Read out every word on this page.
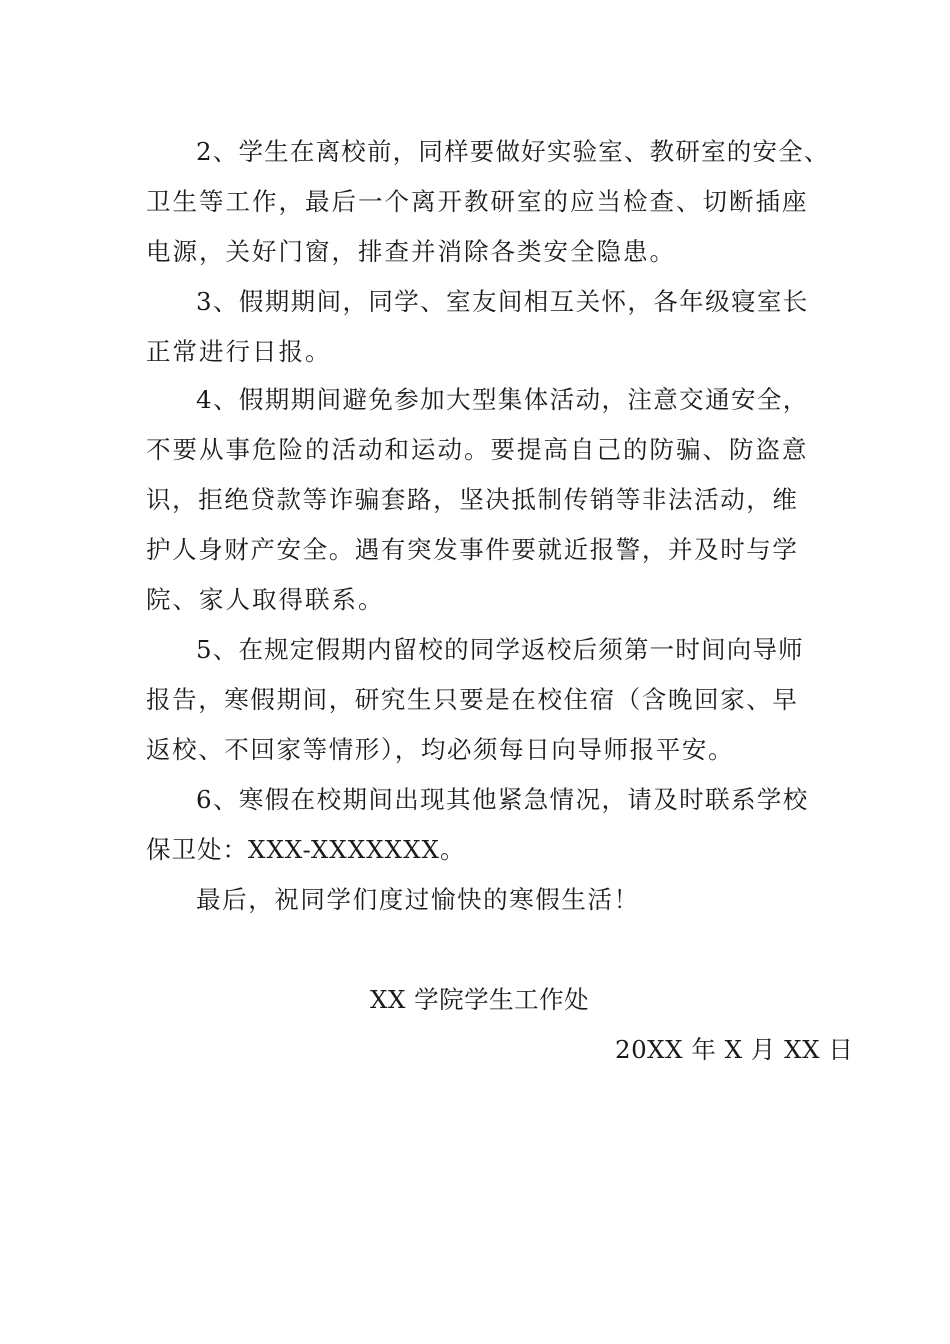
2、学生在离校前，同样要做好实验室、教研室的安全、
卫生等工作，最后一个离开教研室的应当检查、切断插座
电源，关好门窗，排查并消除各类安全隐患。
3、假期期间，同学、室友间相互关怀，各年级寝室长
正常进行日报。
4、假期期间避免参加大型集体活动，注意交通安全，
不要从事危险的活动和运动。要提高自己的防骗、防盗意
识，拒绝贷款等诈骗套路，坚决抵制传销等非法活动，维
护人身财产安全。遇有突发事件要就近报警，并及时与学
院、家人取得联系。
5、在规定假期内留校的同学返校后须第一时间向导师
报告，寒假期间，研究生只要是在校住宿（含晚回家、早
返校、不回家等情形），均必须每日向导师报平安。
6、寒假在校期间出现其他紧急情况，请及时联系学校
保卫处：XXX-XXXXXXX。
最后，祝同学们度过愉快的寒假生活！
XX 学院学生工作处
20XX 年 X 月 XX 日
